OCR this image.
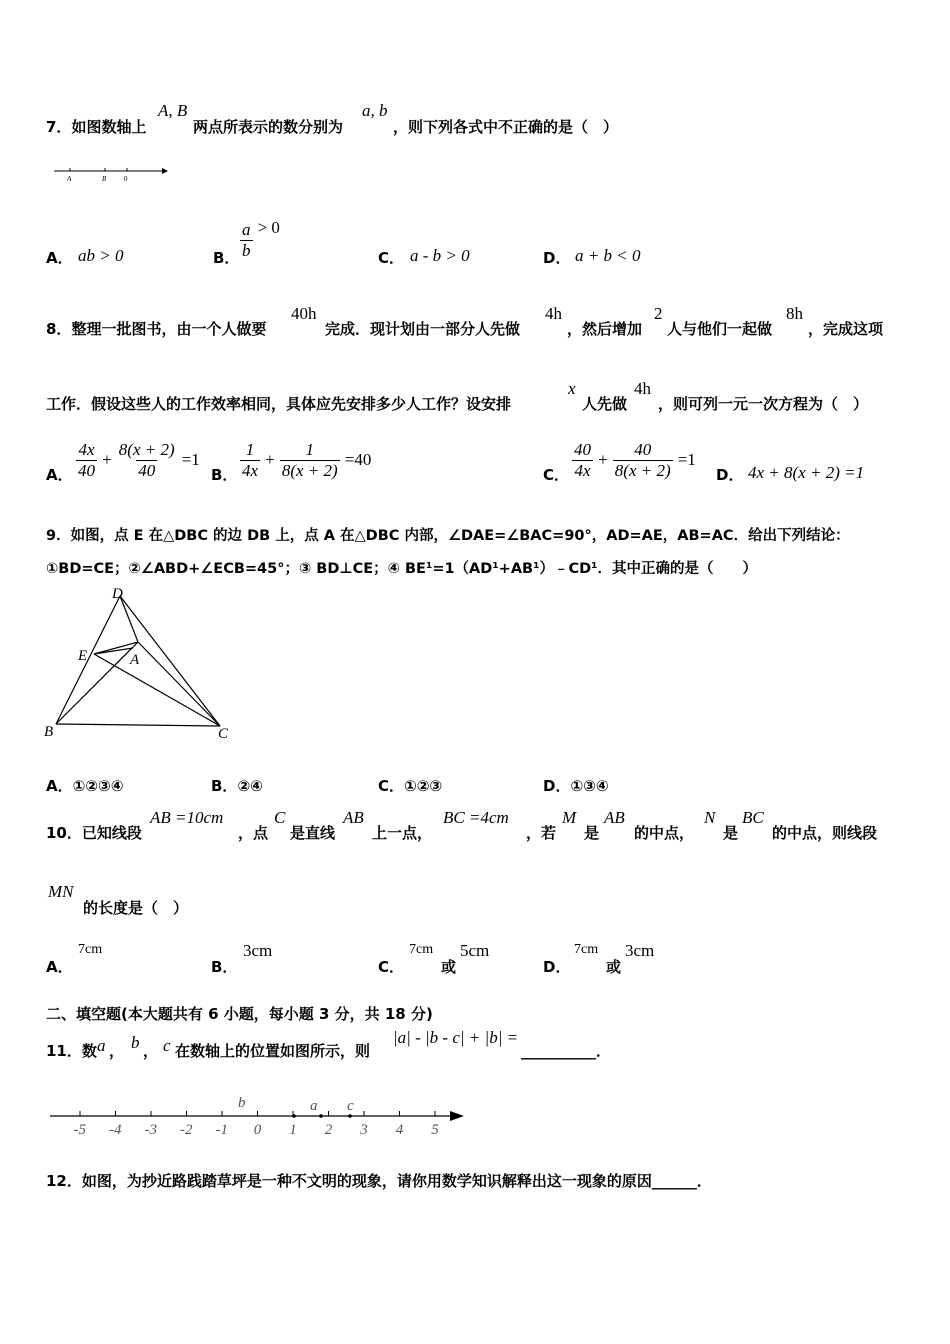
7．如图数轴上
A, B
两点所表示的数分别为
a, b
，则下列各式中不正确的是（　）
A	B	0
A． ab > 0	B． $\frac{a}{b} > 0$
C． a - b > 0	D． a + b < 0
8．整理一批图书，由一个人做要
40h
完成．现计划由一部分人先做
4h
，然后增加
2
人与他们一起做
8h
，完成这项
工作．假设这些人的工作效率相同，具体应先安排多少人工作？设安排
x
人先做
4h
，则可列一元一次方程为（　）
A． $\frac{4x}{40} + \frac{8(x + 2)}{40} =1$
B． $\frac{1}{4x} + \frac{1}{8(x + 2)} =40$
C． $\frac{40}{4x} + \frac{40}{8(x + 2)} =1$
D． 4x + 8(x + 2) =1
9．如图，点 E 在△DBC 的边 DB 上，点 A 在△DBC 内部，∠DAE=∠BAC=90°，AD=AE，AB=AC．给出下列结论：
①BD=CE；②∠ABD+∠ECB=45°；③ BD⊥CE；④ BE¹=1（AD¹+AB¹）﹣CD¹．其中正确的是（　　）
D
E	A
B	C
A．①②③④	B．②④	C．①②③	D．①③④
10．已知线段
AB =10cm
，点
C
是直线
AB
上一点，
BC =4cm
，若
M
是
AB
的中点，
N
是
BC
的中点，则线段
MN
的长度是（　）
A．
7cm
B．
3cm
C．
7cm
或
5cm
D．
7cm
或
3cm
二、填空题(本大题共有 6 小题，每小题 3 分，共 18 分)
11．数 a ， b ， c 在数轴上的位置如图所示，则
|a| - |b - c| + |b| =
__________．
-5 -4 -3 -2 -1 0 1 2 3 4 5
b	a c
12．如图，为抄近路践踏草坪是一种不文明的现象，请你用数学知识解释出这一现象的原因______．
